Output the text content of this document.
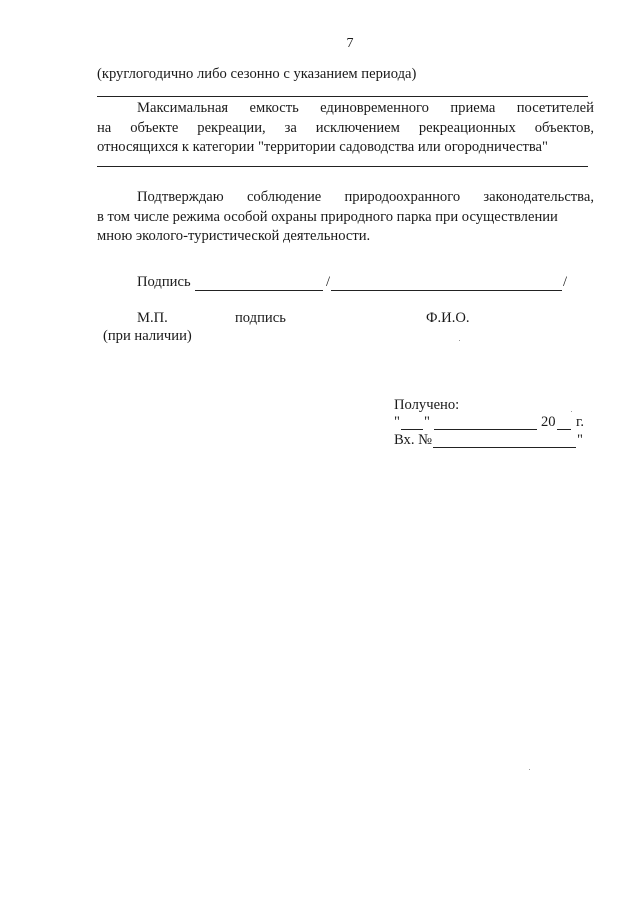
7
(круглогодично либо сезонно с указанием периода)
Максимальная емкость единовременного приема посетителей
на объекте рекреации, за исключением рекреационных объектов,
относящихся к категории "территории садоводства или огородничества"
Подтверждаю соблюдение природоохранного законодательства,
в том числе режима особой охраны природного парка при осуществлении
мною эколого-туристической деятельности.
Подпись	/	/
М.П.	подпись	Ф.И.О.
(при наличии)
Получено:
" "	20 г.
Вх. №	"
